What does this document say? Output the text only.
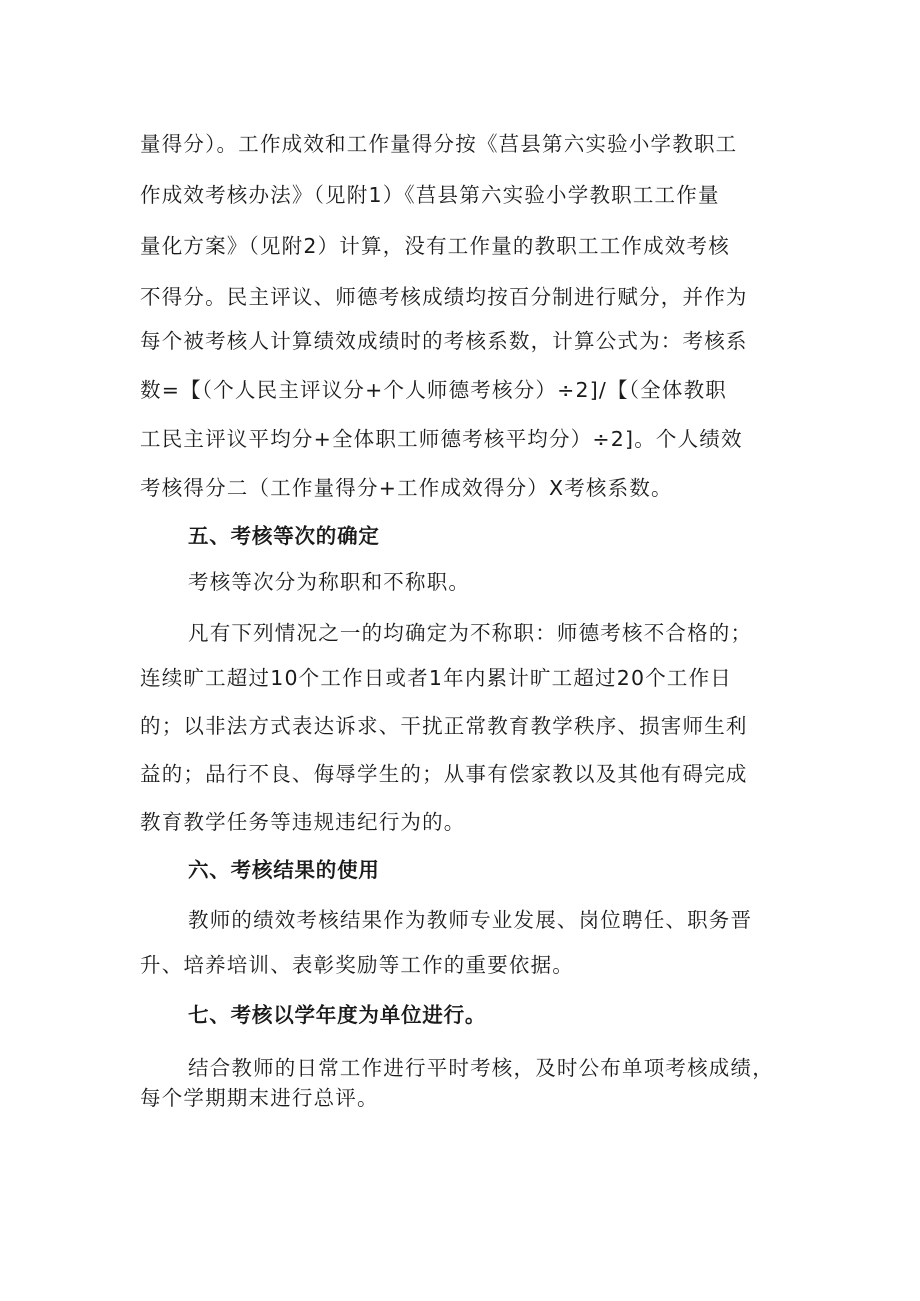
量得分）。工作成效和工作量得分按《莒县第六实验小学教职工
作成效考核办法》（见附1）《莒县第六实验小学教职工工作量
量化方案》（见附2）计算，没有工作量的教职工工作成效考核
不得分。民主评议、师德考核成绩均按百分制进行赋分，并作为
每个被考核人计算绩效成绩时的考核系数，计算公式为：考核系
数=【（个人民主评议分+个人师德考核分）÷2]/【（全体教职
工民主评议平均分+全体职工师德考核平均分）÷2]。个人绩效
考核得分二（工作量得分+工作成效得分）X考核系数。
五、考核等次的确定
考核等次分为称职和不称职。
凡有下列情况之一的均确定为不称职：师德考核不合格的；
连续旷工超过10个工作日或者1年内累计旷工超过20个工作日
的；以非法方式表达诉求、干扰正常教育教学秩序、损害师生利
益的；品行不良、侮辱学生的；从事有偿家教以及其他有碍完成
教育教学任务等违规违纪行为的。
六、考核结果的使用
教师的绩效考核结果作为教师专业发展、岗位聘任、职务晋
升、培养培训、表彰奖励等工作的重要依据。
七、考核以学年度为单位进行。
结合教师的日常工作进行平时考核，及时公布单项考核成绩，
每个学期期末进行总评。
